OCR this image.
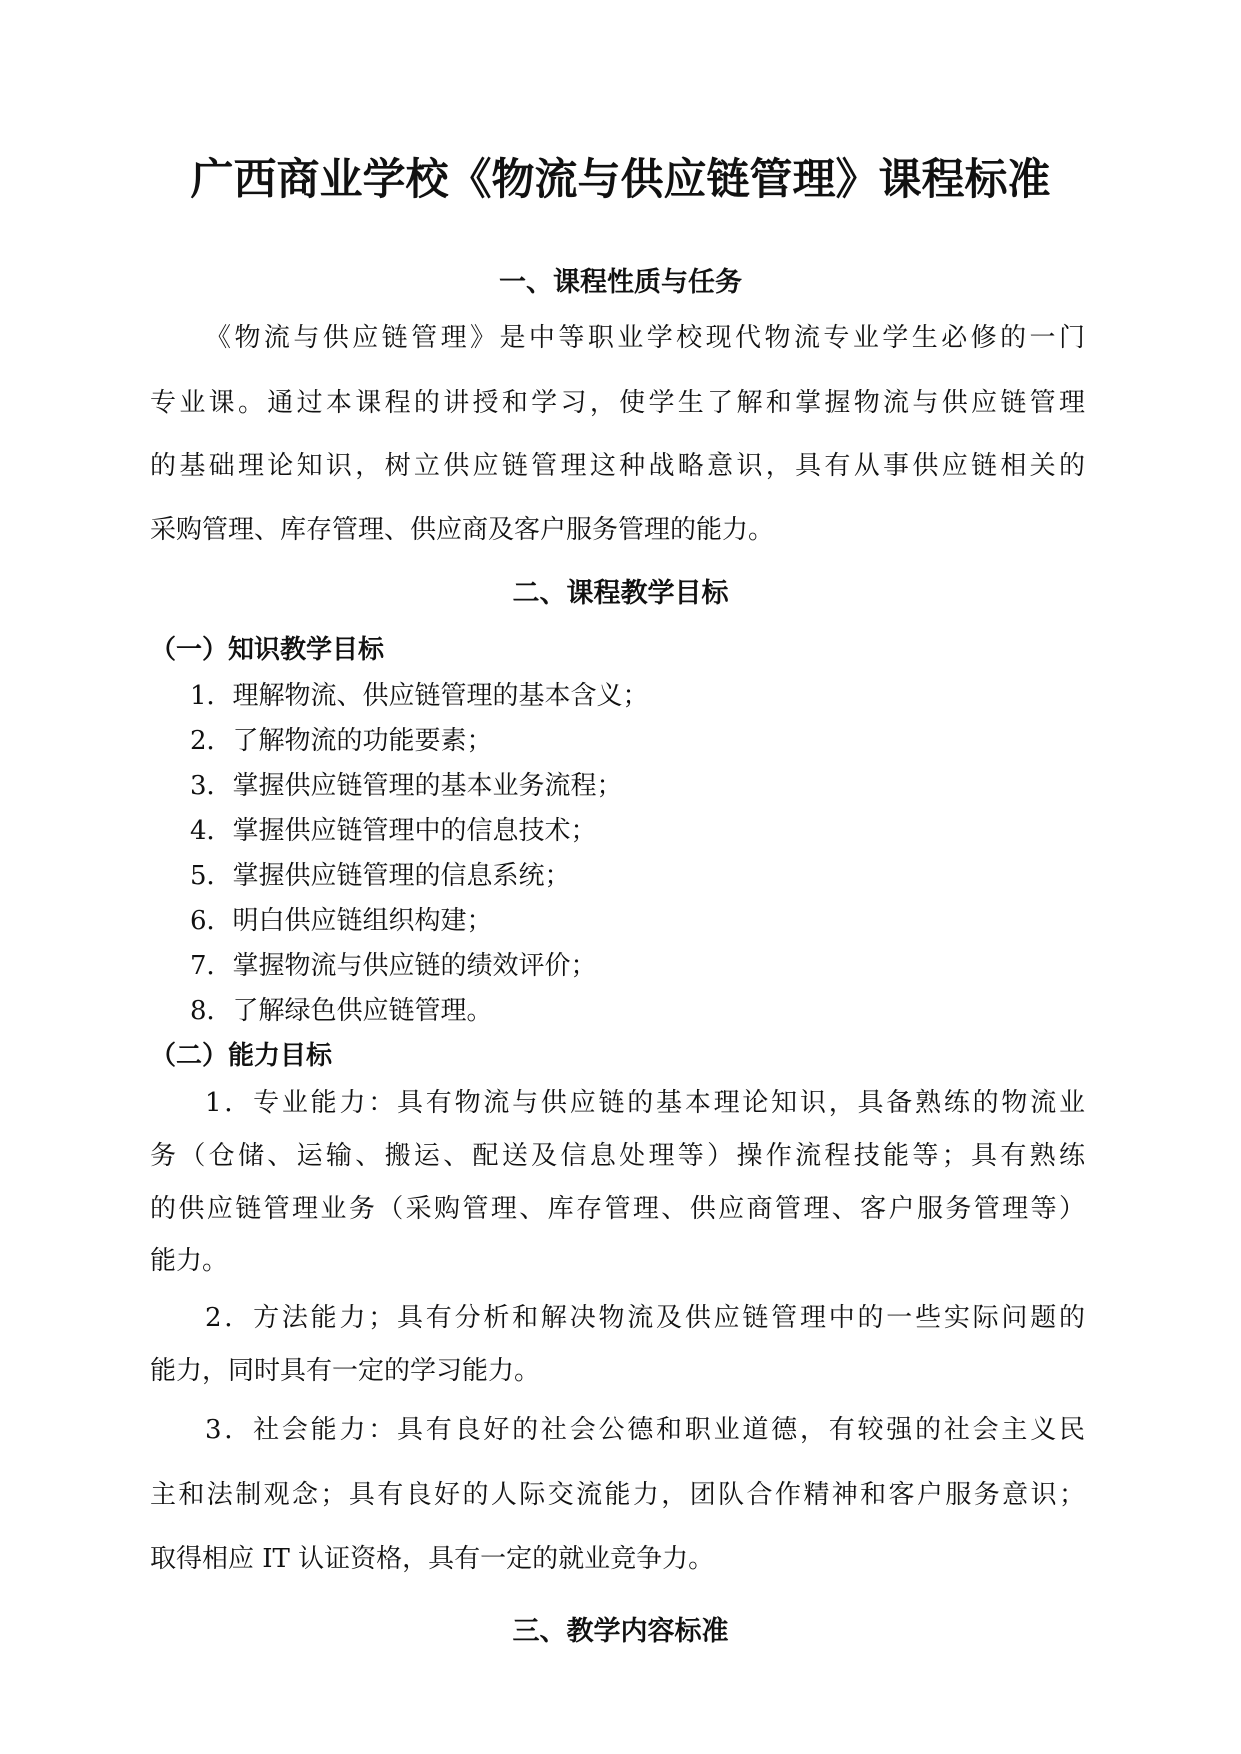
广西商业学校《物流与供应链管理》课程标准
一、课程性质与任务
《物流与供应链管理》是中等职业学校现代物流专业学生必修的一门
专业课。通过本课程的讲授和学习，使学生了解和掌握物流与供应链管理
的基础理论知识，树立供应链管理这种战略意识，具有从事供应链相关的
采购管理、库存管理、供应商及客户服务管理的能力。
二、课程教学目标
（一）知识教学目标
1．理解物流、供应链管理的基本含义；
2．了解物流的功能要素；
3．掌握供应链管理的基本业务流程；
4．掌握供应链管理中的信息技术；
5．掌握供应链管理的信息系统；
6．明白供应链组织构建；
7．掌握物流与供应链的绩效评价；
8．了解绿色供应链管理。
（二）能力目标
1．专业能力：具有物流与供应链的基本理论知识，具备熟练的物流业
务（仓储、运输、搬运、配送及信息处理等）操作流程技能等；具有熟练
的供应链管理业务（采购管理、库存管理、供应商管理、客户服务管理等）
能力。
2．方法能力；具有分析和解决物流及供应链管理中的一些实际问题的
能力，同时具有一定的学习能力。
3．社会能力：具有良好的社会公德和职业道德，有较强的社会主义民
主和法制观念；具有良好的人际交流能力，团队合作精神和客户服务意识；
取得相应 IT 认证资格，具有一定的就业竞争力。
三、教学内容标准
